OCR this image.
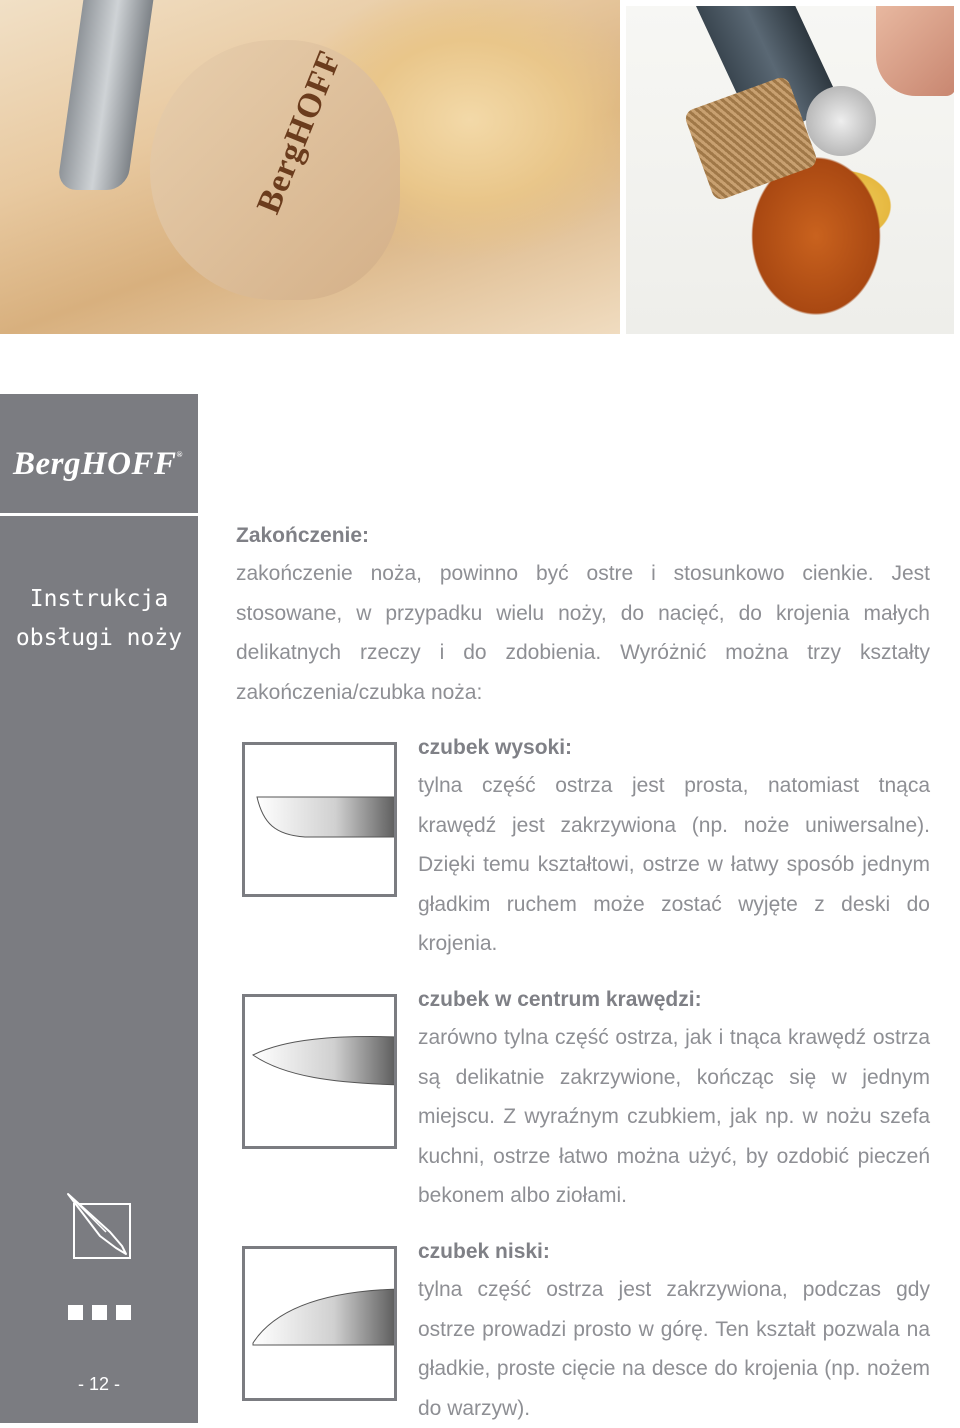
BergHOFF
BergHOFF®
Instrukcja
obsługi noży
- 12 -
Zakończenie:

zakończenie noża, powinno być ostre i stosunkowo cienkie. Jest stosowane, w przypadku wielu noży, do nacięć, do krojenia małych delikatnych rzeczy i do zdobienia. Wyróżnić można trzy kształty zakończenia/czubka noża:

czubek wysoki:

tylna część ostrza jest prosta, natomiast tnąca krawędź jest zakrzywiona (np. noże uniwersalne). Dzięki temu kształtowi, ostrze w łatwy sposób jednym gładkim ruchem może zostać wyjęte z deski do krojenia.

czubek w centrum krawędzi:

zarówno tylna część ostrza, jak i tnąca krawędź ostrza są delikatnie zakrzywione, kończąc się w jednym miejscu. Z wyraźnym czubkiem, jak np. w nożu szefa kuchni, ostrze łatwo można użyć, by ozdobić pieczeń bekonem albo ziołami.

czubek niski:

tylna część ostrza jest zakrzywiona, podczas gdy ostrze prowadzi prosto w górę. Ten kształt pozwala na gładkie, proste cięcie na desce do krojenia (np. nożem do warzyw).
